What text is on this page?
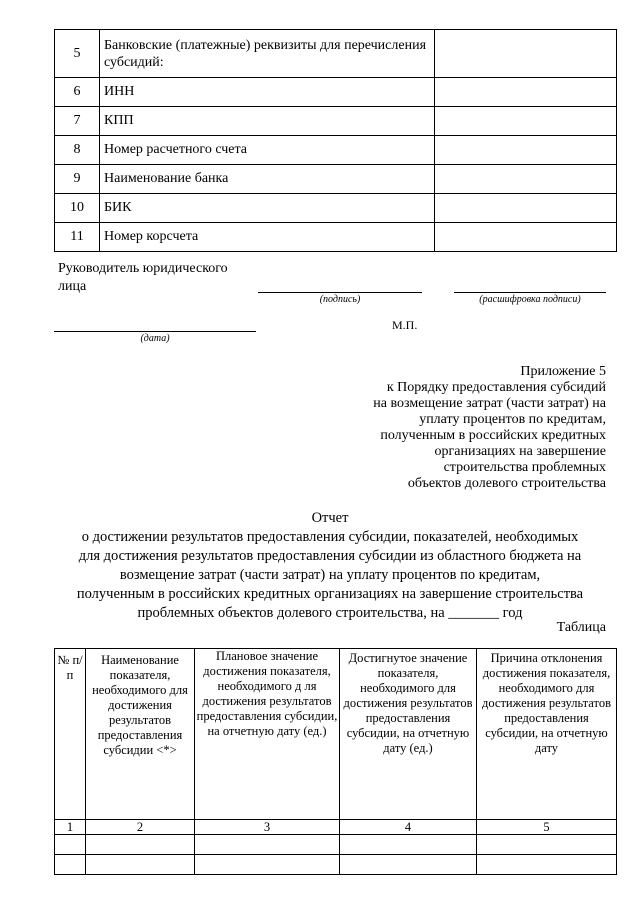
5	Банковские (платежные) реквизиты для перечисления субсидий:	
6	ИНН	
7	КПП	
8	Номер расчетного счета	
9	Наименование банка	
10	БИК	
11	Номер корсчета	
Руководитель юридического лица
(подпись)	(расшифровка подписи)
(дата)
М.П.
Приложение 5
к Порядку предоставления субсидий
на возмещение затрат (части затрат) на
уплату процентов по кредитам,
полученным в российских кредитных
организациях на завершение
строительства проблемных
объектов долевого строительства
Отчет
о достижении результатов предоставления субсидии, показателей, необходимых
для достижения результатов предоставления субсидии из областного бюджета на
возмещение затрат (части затрат) на уплату процентов по кредитам,
полученным в российских кредитных организациях на завершение строительства
проблемных объектов долевого строительства, на _______ год
Таблица
№ п/п	Наименование показателя, необходимого для достижения результатов предоставления субсидии <*>	Плановое значение достижения показателя, необходимого д ля достижения результатов предоставления субсидии, на отчетную дату (ед.)	Достигнутое значение показателя, необходимого для достижения результатов предоставления субсидии, на отчетную дату (ед.)	Причина отклонения достижения показателя, необходимого для достижения результатов предоставления субсидии, на отчетную дату
1	2	3	4	5
